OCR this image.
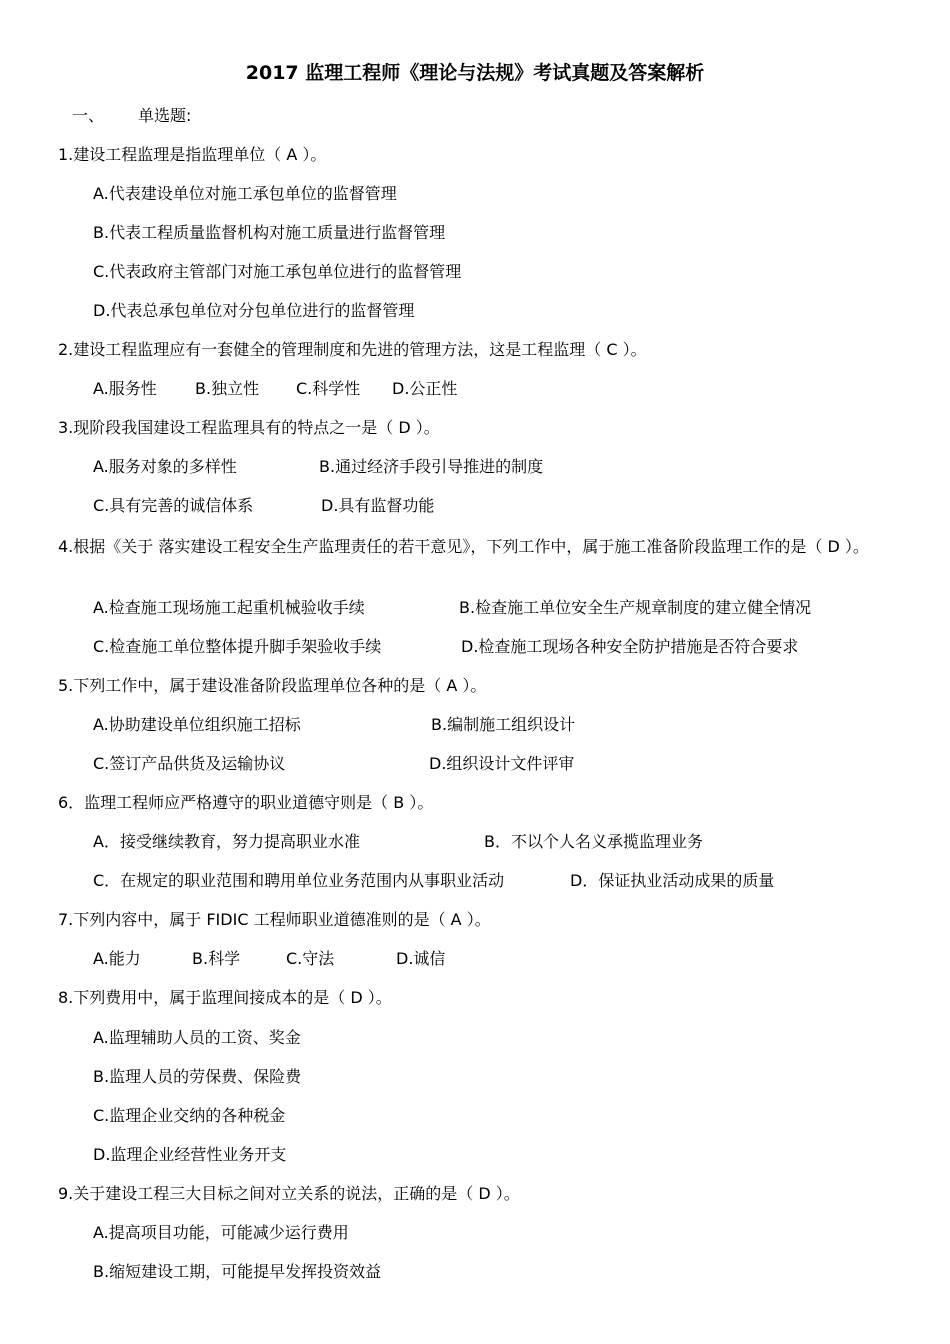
2017 监理工程师《理论与法规》考试真题及答案解析
一、 单选题:
1.建设工程监理是指监理单位（ A ）。
A.代表建设单位对施工承包单位的监督管理
B.代表工程质量监督机构对施工质量进行监督管理
C.代表政府主管部门对施工承包单位进行的监督管理
D.代表总承包单位对分包单位进行的监督管理
2.建设工程监理应有一套健全的管理制度和先进的管理方法，这是工程监理（ C ）。
A.服务性 B.独立性 C.科学性 D.公正性
3.现阶段我国建设工程监理具有的特点之一是（ D ）。
A.服务对象的多样性	B.通过经济手段引导推进的制度
C.具有完善的诚信体系	D.具有监督功能
4.根据《关于 落实建设工程安全生产监理责任的若干意见》，下列工作中，属于施工准备阶段监理工作的是（ D ）。
A.检查施工现场施工起重机械验收手续	B.检查施工单位安全生产规章制度的建立健全情况
C.检查施工单位整体提升脚手架验收手续	D.检查施工现场各种安全防护措施是否符合要求
5.下列工作中，属于建设准备阶段监理单位各种的是（ A ）。
A.协助建设单位组织施工招标	B.编制施工组织设计
C.签订产品供货及运输协议	D.组织设计文件评审
6．监理工程师应严格遵守的职业道德守则是（ B ）。
A．接受继续教育，努力提高职业水准	B．不以个人名义承揽监理业务
C．在规定的职业范围和聘用单位业务范围内从事职业活动	D．保证执业活动成果的质量
7.下列内容中，属于 FIDIC 工程师职业道德准则的是（ A ）。
A.能力	B.科学	C.守法	D.诚信
8.下列费用中，属于监理间接成本的是（ D ）。
A.监理辅助人员的工资、奖金
B.监理人员的劳保费、保险费
C.监理企业交纳的各种税金
D.监理企业经营性业务开支
9.关于建设工程三大目标之间对立关系的说法，正确的是（ D ）。
A.提高项目功能，可能减少运行费用
B.缩短建设工期，可能提早发挥投资效益
